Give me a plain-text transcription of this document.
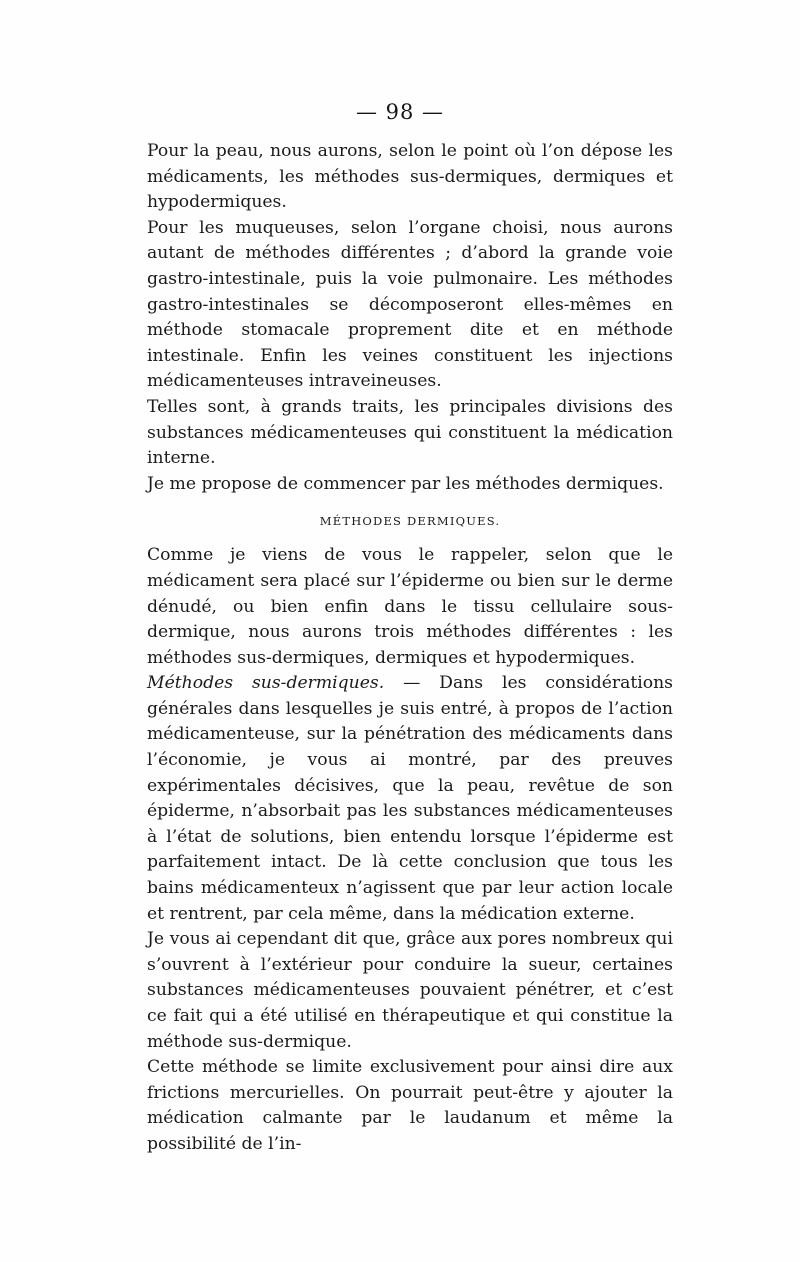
— 98 —

Pour la peau, nous aurons, selon le point où l’on dépose les médicaments, les méthodes sus-dermiques, dermiques et hypodermiques.

Pour les muqueuses, selon l’organe choisi, nous aurons autant de méthodes différentes ; d’abord la grande voie gastro-intestinale, puis la voie pulmonaire. Les méthodes gastro-intestinales se décomposeront elles-mêmes en méthode stomacale proprement dite et en méthode intestinale. Enfin les veines constituent les injections médicamenteuses intraveineuses.

Telles sont, à grands traits, les principales divisions des substances médicamenteuses qui constituent la médication interne.

Je me propose de commencer par les méthodes dermiques.

MÉTHODES DERMIQUES.

Comme je viens de vous le rappeler, selon que le médicament sera placé sur l’épiderme ou bien sur le derme dénudé, ou bien enfin dans le tissu cellulaire sous-dermique, nous aurons trois méthodes différentes : les méthodes sus-dermiques, dermiques et hypodermiques.

Méthodes sus-dermiques. — Dans les considérations générales dans lesquelles je suis entré, à propos de l’action médicamenteuse, sur la pénétration des médicaments dans l’économie, je vous ai montré, par des preuves expérimentales décisives, que la peau, revêtue de son épiderme, n’absorbait pas les substances médicamenteuses à l’état de solutions, bien entendu lorsque l’épiderme est parfaitement intact. De là cette conclusion que tous les bains médicamenteux n’agissent que par leur action locale et rentrent, par cela même, dans la médication externe.

Je vous ai cependant dit que, grâce aux pores nombreux qui s’ouvrent à l’extérieur pour conduire la sueur, certaines substances médicamenteuses pouvaient pénétrer, et c’est ce fait qui a été utilisé en thérapeutique et qui constitue la méthode sus-dermique.

Cette méthode se limite exclusivement pour ainsi dire aux frictions mercurielles. On pourrait peut-être y ajouter la médication calmante par le laudanum et même la possibilité de l’in-
